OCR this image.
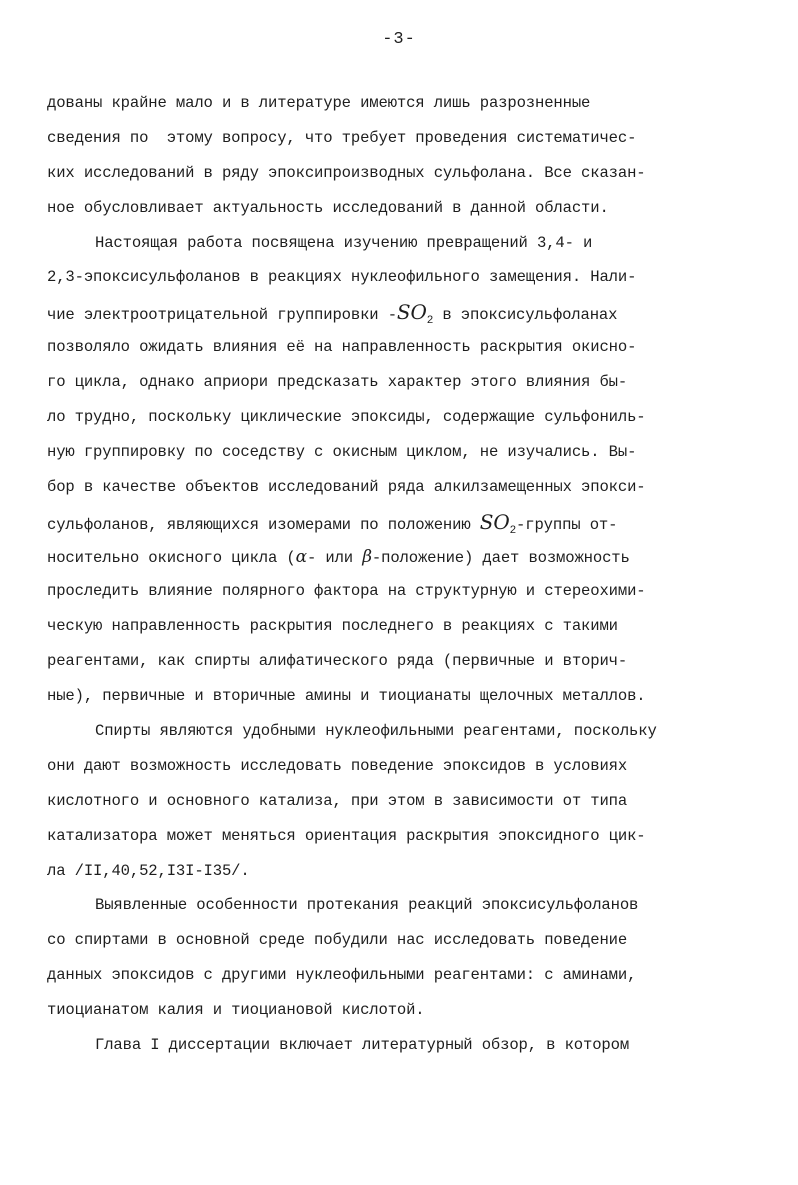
-3-
дованы крайне мало и в литературе имеются лишь разрозненные
сведения по  этому вопросу, что требует проведения систематичес-
ких исследований в ряду эпоксипроизводных сульфолана. Все сказан-
ное обусловливает актуальность исследований в данной области.
Настоящая работа посвящена изучению превращений 3,4- и
2,3-эпоксисульфоланов в реакциях нуклеофильного замещения. Нали-
чие электроотрицательной группировки $-SO_2$ в эпоксисульфоланах
позволяло ожидать влияния её на направленность раскрытия окисно-
го цикла, однако априори предсказать характер этого влияния бы-
ло трудно, поскольку циклические эпоксиды, содержащие сульфониль-
ную группировку по соседству с окисным циклом, не изучались. Вы-
бор в качестве объектов исследований ряда алкилзамещенных эпокси-
сульфоланов, являющихся изомерами по положению $SO_2$-группы от-
носительно окисного цикла (α- или β-положение) дает возможность
проследить влияние полярного фактора на структурную и стереохими-
ческую направленность раскрытия последнего в реакциях с такими
реагентами, как спирты алифатического ряда (первичные и вторич-
ные), первичные и вторичные амины и тиоцианаты щелочных металлов.
Спирты являются удобными нуклеофильными реагентами, поскольку
они дают возможность исследовать поведение эпоксидов в условиях
кислотного и основного катализа, при этом в зависимости от типа
катализатора может меняться ориентация раскрытия эпоксидного цик-
ла /II,40,52,I3I-I35/.
Выявленные особенности протекания реакций эпоксисульфоланов
со спиртами в основной среде побудили нас исследовать поведение
данных эпоксидов с другими нуклеофильными реагентами: с аминами,
тиоцианатом калия и тиоциановой кислотой.
Глава I диссертации включает литературный обзор, в котором
